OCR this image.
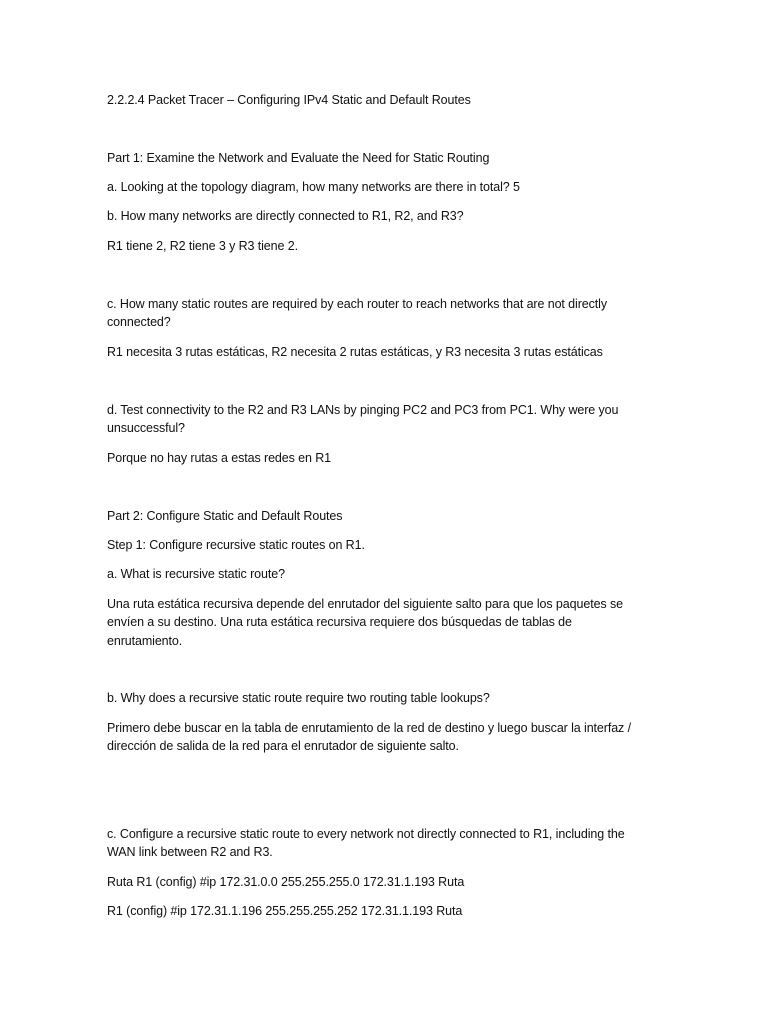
2.2.2.4 Packet Tracer – Configuring IPv4 Static and Default Routes
Part 1: Examine the Network and Evaluate the Need for Static Routing
a. Looking at the topology diagram, how many networks are there in total? 5
b. How many networks are directly connected to R1, R2, and R3?
R1 tiene 2, R2 tiene 3 y R3 tiene 2.
c. How many static routes are required by each router to reach networks that are not directly
connected?
R1 necesita 3 rutas estáticas, R2 necesita 2 rutas estáticas, y R3 necesita 3 rutas estáticas
d. Test connectivity to the R2 and R3 LANs by pinging PC2 and PC3 from PC1. Why were you
unsuccessful?
Porque no hay rutas a estas redes en R1
Part 2: Configure Static and Default Routes
Step 1: Configure recursive static routes on R1.
a. What is recursive static route?
Una ruta estática recursiva depende del enrutador del siguiente salto para que los paquetes se
envíen a su destino. Una ruta estática recursiva requiere dos búsquedas de tablas de
enrutamiento.
b. Why does a recursive static route require two routing table lookups?
Primero debe buscar en la tabla de enrutamiento de la red de destino y luego buscar la interfaz /
dirección de salida de la red para el enrutador de siguiente salto.
c. Configure a recursive static route to every network not directly connected to R1, including the
WAN link between R2 and R3.
Ruta R1 (config) #ip 172.31.0.0 255.255.255.0 172.31.1.193 Ruta
R1 (config) #ip 172.31.1.196 255.255.255.252 172.31.1.193 Ruta
